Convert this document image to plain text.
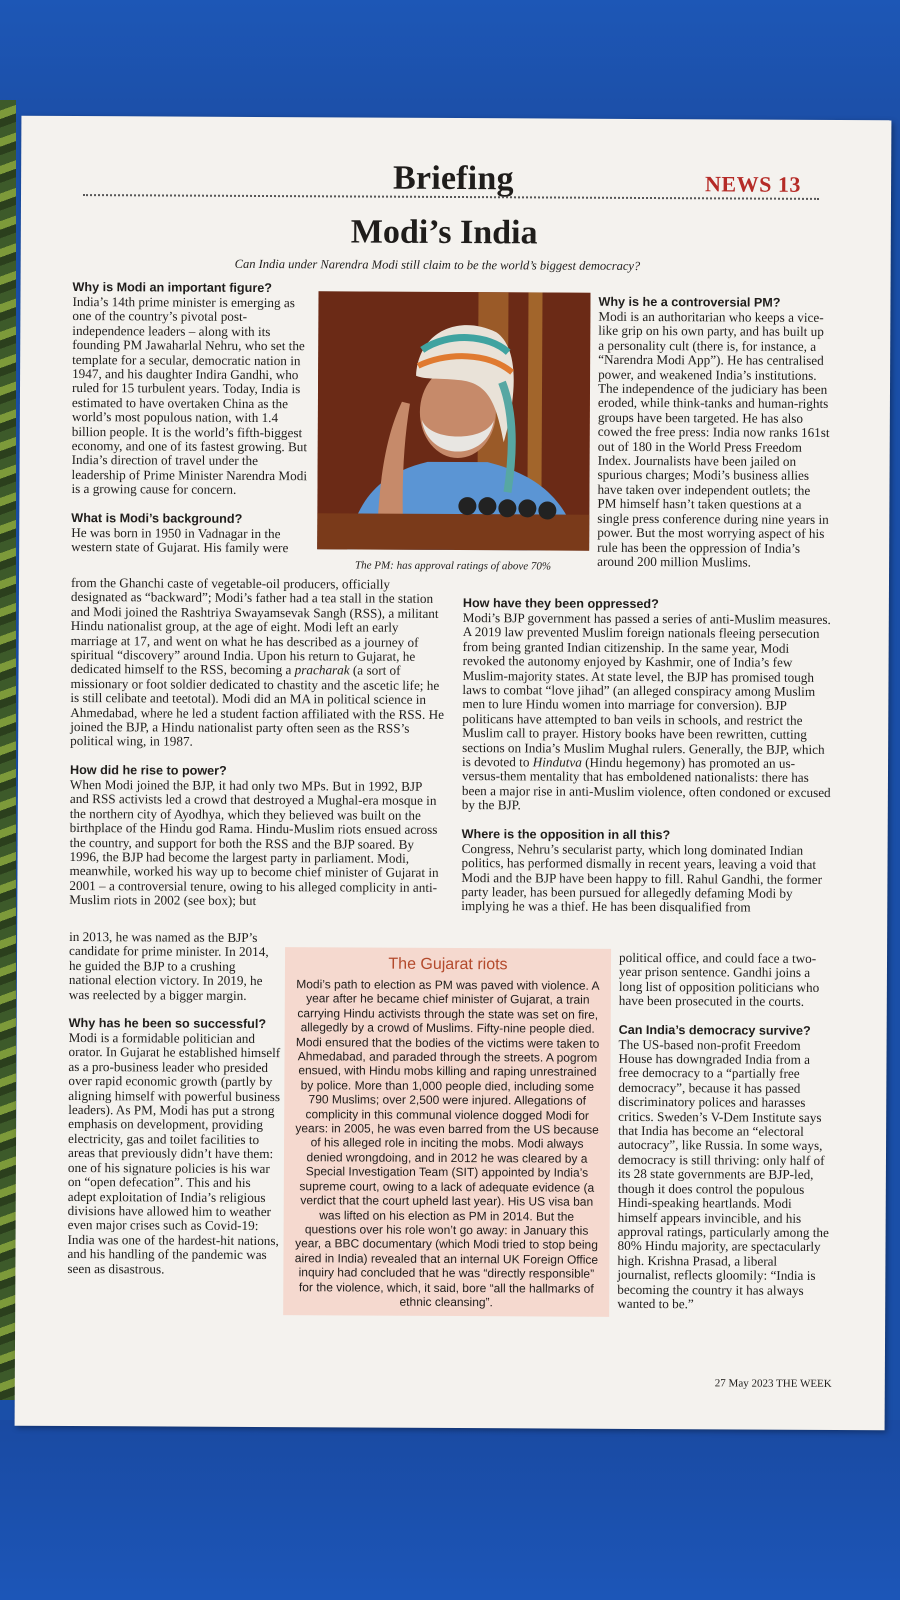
Briefing	NEWS 13
Modi’s India
Can India under Narendra Modi still claim to be the world’s biggest democracy?
Why is Modi an important figure?

India’s 14th prime minister is emerging as one of the country’s pivotal post-independence leaders – along with its founding PM Jawaharlal Nehru, who set the template for a secular, democratic nation in 1947, and his daughter Indira Gandhi, who ruled for 15 turbulent years. Today, India is estimated to have overtaken China as the world’s most populous nation, with 1.4 billion people. It is the world’s fifth-biggest economy, and one of its fastest growing. But India’s direction of travel under the leadership of Prime Minister Narendra Modi is a growing cause for concern.

What is Modi’s background?

He was born in 1950 in Vadnagar in the western state of Gujarat. His family were

from the Ghanchi caste of vegetable-oil producers, officially designated as “backward”; Modi’s father had a tea stall in the station and Modi joined the Rashtriya Swayamsevak Sangh (RSS), a militant Hindu nationalist group, at the age of eight. Modi left an early marriage at 17, and went on what he has described as a journey of spiritual “discovery” around India. Upon his return to Gujarat, he dedicated himself to the RSS, becoming a pracharak (a sort of missionary or foot soldier dedicated to chastity and the ascetic life; he is still celibate and teetotal). Modi did an MA in political science in Ahmedabad, where he led a student faction affiliated with the RSS. He joined the BJP, a Hindu nationalist party often seen as the RSS’s political wing, in 1987.

How did he rise to power?

When Modi joined the BJP, it had only two MPs. But in 1992, BJP and RSS activists led a crowd that destroyed a Mughal-era mosque in the northern city of Ayodhya, which they believed was built on the birthplace of the Hindu god Rama. Hindu-Muslim riots ensued across the country, and support for both the RSS and the BJP soared. By 1996, the BJP had become the largest party in parliament. Modi, meanwhile, worked his way up to become chief minister of Gujarat in 2001 – a controversial tenure, owing to his alleged complicity in anti-Muslim riots in 2002 (see box); but

in 2013, he was named as the BJP’s candidate for prime minister. In 2014, he guided the BJP to a crushing national election victory. In 2019, he was reelected by a bigger margin.

Why has he been so successful?

Modi is a formidable politician and orator. In Gujarat he established himself as a pro-business leader who presided over rapid economic growth (partly by aligning himself with powerful business leaders). As PM, Modi has put a strong emphasis on development, providing electricity, gas and toilet facilities to areas that previously didn’t have them: one of his signature policies is his war on “open defecation”. This and his adept exploitation of India’s religious divisions have allowed him to weather even major crises such as Covid-19: India was one of the hardest-hit nations, and his handling of the pandemic was seen as disastrous.

The PM: has approval ratings of above 70%
Why is he a controversial PM?

Modi is an authoritarian who keeps a vice-like grip on his own party, and has built up a personality cult (there is, for instance, a “Narendra Modi App”). He has centralised power, and weakened India’s institutions. The independence of the judiciary has been eroded, while think-tanks and human-rights groups have been targeted. He has also cowed the free press: India now ranks 161st out of 180 in the World Press Freedom Index. Journalists have been jailed on spurious charges; Modi’s business allies have taken over independent outlets; the PM himself hasn’t taken questions at a single press conference during nine years in power. But the most worrying aspect of his rule has been the oppression of India’s around 200 million Muslims.

How have they been oppressed?

Modi’s BJP government has passed a series of anti-Muslim measures. A 2019 law prevented Muslim foreign nationals fleeing persecution from being granted Indian citizenship. In the same year, Modi revoked the autonomy enjoyed by Kashmir, one of India’s few Muslim-majority states. At state level, the BJP has promised tough laws to combat “love jihad” (an alleged conspiracy among Muslim men to lure Hindu women into marriage for conversion). BJP politicans have attempted to ban veils in schools, and restrict the Muslim call to prayer. History books have been rewritten, cutting sections on India’s Muslim Mughal rulers. Generally, the BJP, which is devoted to Hindutva (Hindu hegemony) has promoted an us-versus-them mentality that has emboldened nationalists: there has been a major rise in anti-Muslim violence, often condoned or excused by the BJP.

Where is the opposition in all this?

Congress, Nehru’s secularist party, which long dominated Indian politics, has performed dismally in recent years, leaving a void that Modi and the BJP have been happy to fill. Rahul Gandhi, the former party leader, has been pursued for allegedly defaming Modi by implying he was a thief. He has been disqualified from

political office, and could face a two-year prison sentence. Gandhi joins a long list of opposition politicians who have been prosecuted in the courts.

Can India’s democracy survive?

The US-based non-profit Freedom House has downgraded India from a free democracy to a “partially free democracy”, because it has passed discriminatory polices and harasses critics. Sweden’s V-Dem Institute says that India has become an “electoral autocracy”, like Russia. In some ways, democracy is still thriving: only half of its 28 state governments are BJP-led, though it does control the populous Hindi-speaking heartlands. Modi himself appears invincible, and his approval ratings, particularly among the 80% Hindu majority, are spectacularly high. Krishna Prasad, a liberal journalist, reflects gloomily: “India is becoming the country it has always wanted to be.”

The Gujarat riots

Modi’s path to election as PM was paved with violence. A year after he became chief minister of Gujarat, a train carrying Hindu activists through the state was set on fire, allegedly by a crowd of Muslims. Fifty-nine people died. Modi ensured that the bodies of the victims were taken to Ahmedabad, and paraded through the streets. A pogrom ensued, with Hindu mobs killing and raping unrestrained by police. More than 1,000 people died, including some 790 Muslims; over 2,500 were injured. Allegations of complicity in this communal violence dogged Modi for years: in 2005, he was even barred from the US because of his alleged role in inciting the mobs. Modi always denied wrongdoing, and in 2012 he was cleared by a Special Investigation Team (SIT) appointed by India’s supreme court, owing to a lack of adequate evidence (a verdict that the court upheld last year). His US visa ban was lifted on his election as PM in 2014. But the questions over his role won’t go away: in January this year, a BBC documentary (which Modi tried to stop being aired in India) revealed that an internal UK Foreign Office inquiry had concluded that he was “directly responsible” for the violence, which, it said, bore “all the hallmarks of ethnic cleansing”.

27 May 2023 THE WEEK
